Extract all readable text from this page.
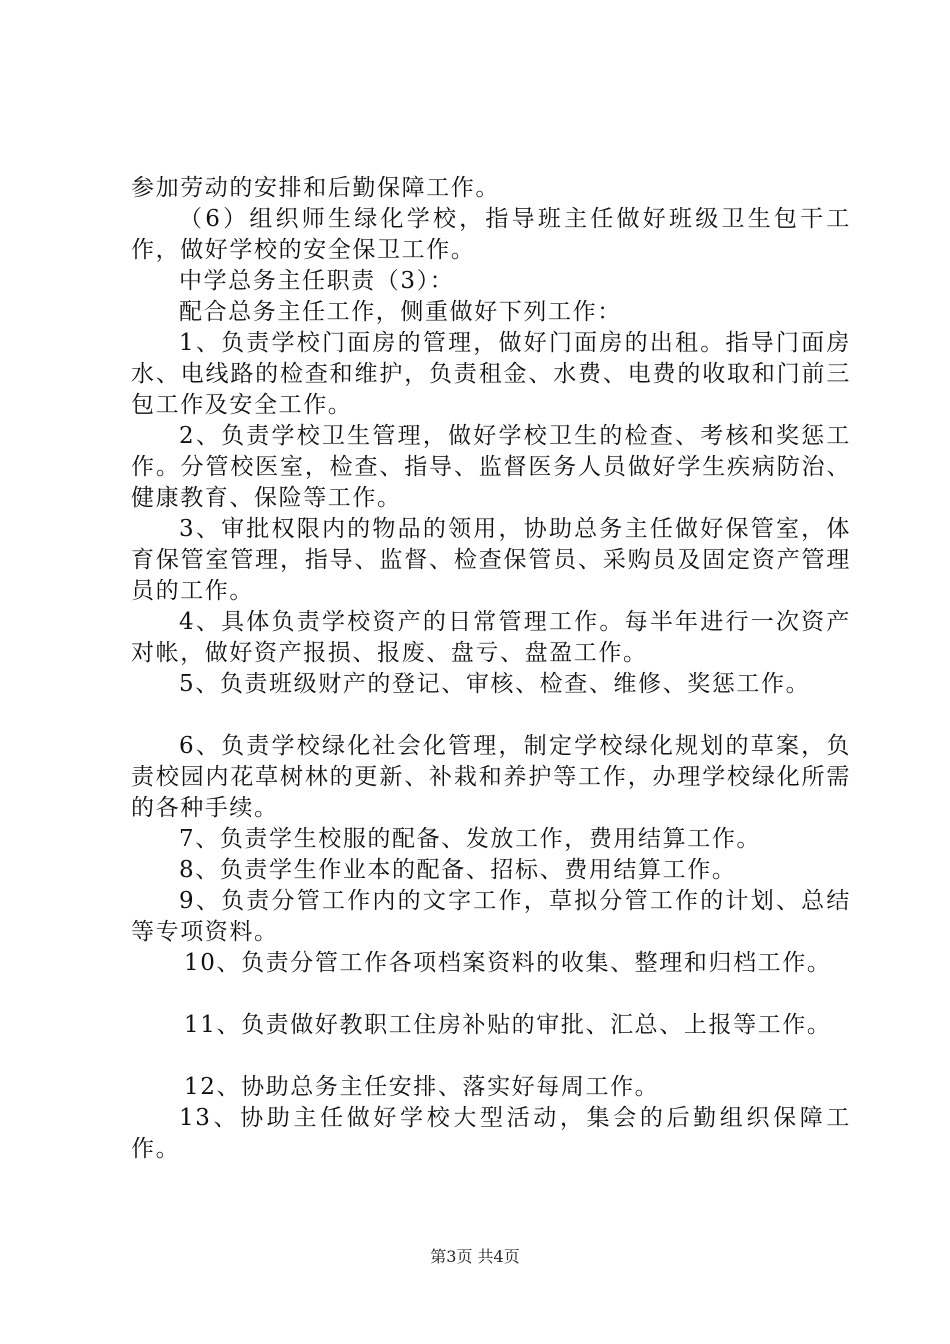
参加劳动的安排和后勤保障工作。

（6）组织师生绿化学校，指导班主任做好班级卫生包干工作，做好学校的安全保卫工作。

中学总务主任职责（3）：

配合总务主任工作，侧重做好下列工作：

1、负责学校门面房的管理，做好门面房的出租。指导门面房水、电线路的检查和维护，负责租金、水费、电费的收取和门前三包工作及安全工作。

2、负责学校卫生管理，做好学校卫生的检查、考核和奖惩工作。分管校医室，检查、指导、监督医务人员做好学生疾病防治、健康教育、保险等工作。

3、审批权限内的物品的领用，协助总务主任做好保管室，体育保管室管理，指导、监督、检查保管员、采购员及固定资产管理员的工作。

4、具体负责学校资产的日常管理工作。每半年进行一次资产对帐，做好资产报损、报废、盘亏、盘盈工作。

5、负责班级财产的登记、审核、检查、维修、奖惩工作。

6、负责学校绿化社会化管理，制定学校绿化规划的草案，负责校园内花草树林的更新、补栽和养护等工作，办理学校绿化所需的各种手续。

7、负责学生校服的配备、发放工作，费用结算工作。

8、负责学生作业本的配备、招标、费用结算工作。

9、负责分管工作内的文字工作，草拟分管工作的计划、总结等专项资料。

10、负责分管工作各项档案资料的收集、整理和归档工作。

11、负责做好教职工住房补贴的审批、汇总、上报等工作。

12、协助总务主任安排、落实好每周工作。

13、协助主任做好学校大型活动，集会的后勤组织保障工作。

第3页 共4页
